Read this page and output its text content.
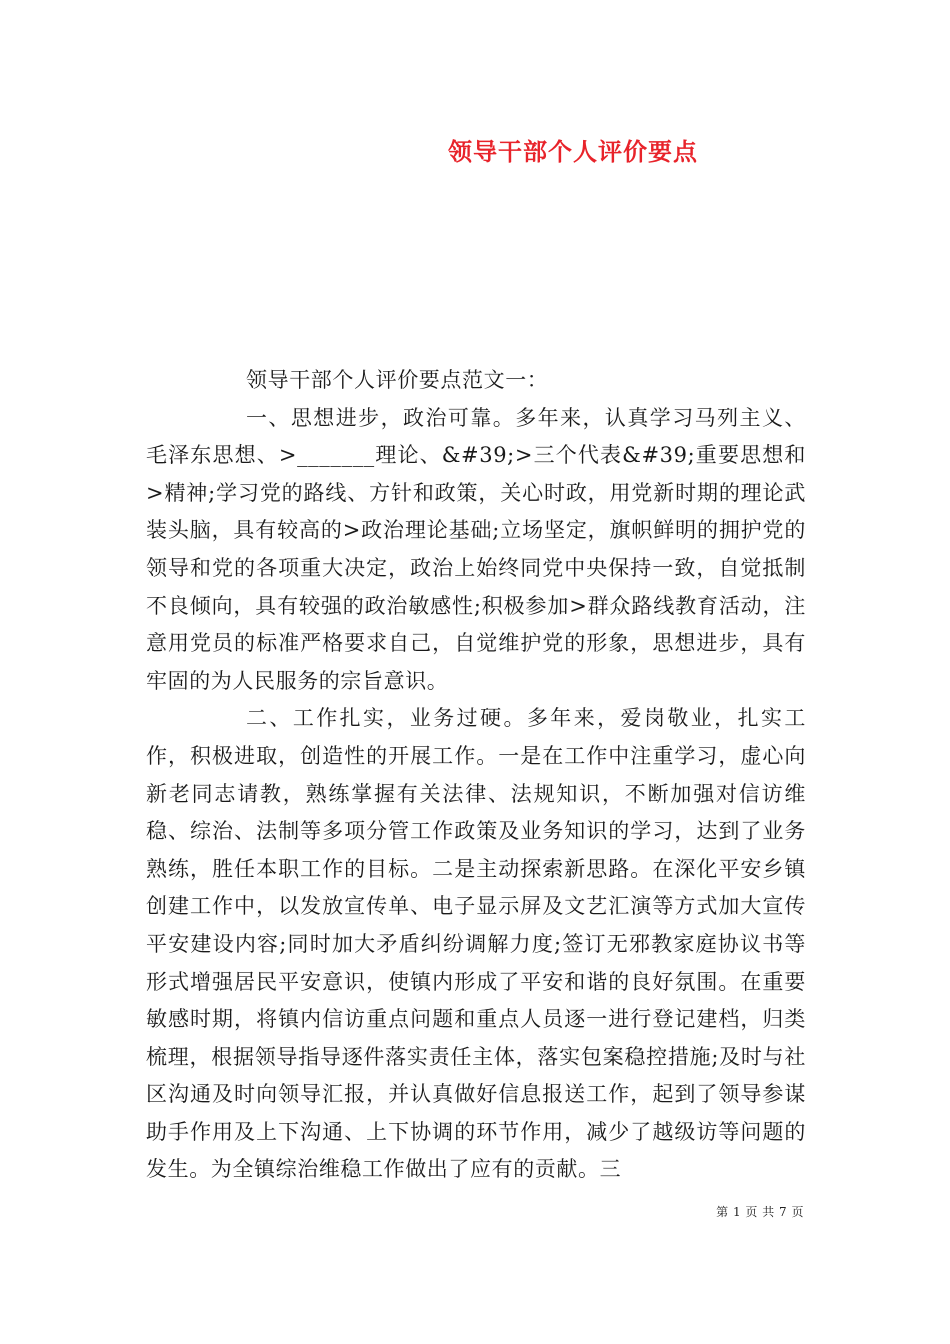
领导干部个人评价要点

领导干部个人评价要点范文一：

一、思想进步，政治可靠。多年来，认真学习马列主义、毛泽东思想、>_______理论、&#39;>三个代表&#39;重要思想和>精神;学习党的路线、方针和政策，关心时政，用党新时期的理论武装头脑，具有较高的>政治理论基础;立场坚定，旗帜鲜明的拥护党的领导和党的各项重大决定，政治上始终同党中央保持一致，自觉抵制不良倾向，具有较强的政治敏感性;积极参加>群众路线教育活动，注意用党员的标准严格要求自己，自觉维护党的形象，思想进步，具有牢固的为人民服务的宗旨意识。

二、工作扎实，业务过硬。多年来，爱岗敬业，扎实工作，积极进取，创造性的开展工作。一是在工作中注重学习，虚心向新老同志请教，熟练掌握有关法律、法规知识，不断加强对信访维稳、综治、法制等多项分管工作政策及业务知识的学习，达到了业务熟练，胜任本职工作的目标。二是主动探索新思路。在深化平安乡镇创建工作中，以发放宣传单、电子显示屏及文艺汇演等方式加大宣传平安建设内容;同时加大矛盾纠纷调解力度;签订无邪教家庭协议书等形式增强居民平安意识，使镇内形成了平安和谐的良好氛围。在重要敏感时期，将镇内信访重点问题和重点人员逐一进行登记建档，归类梳理，根据领导指导逐件落实责任主体，落实包案稳控措施;及时与社区沟通及时向领导汇报，并认真做好信息报送工作，起到了领导参谋助手作用及上下沟通、上下协调的环节作用，减少了越级访等问题的发生。为全镇综治维稳工作做出了应有的贡献。三

第 1 页 共 7 页
